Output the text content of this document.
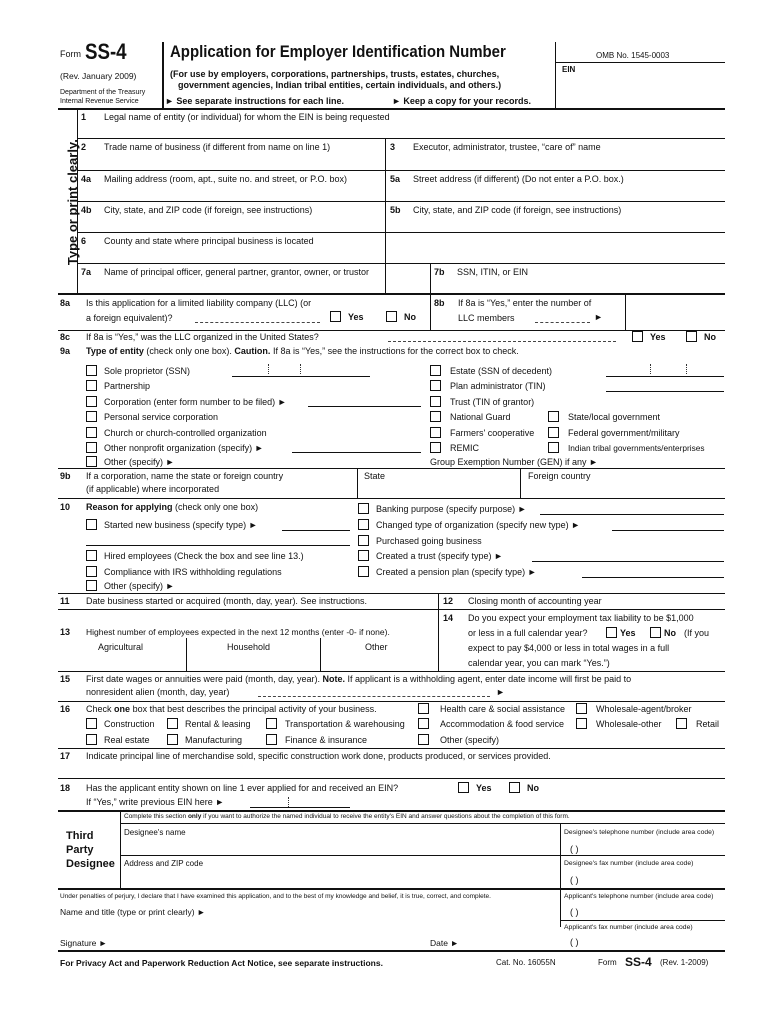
Form SS-4
(Rev. January 2009)
Department of the Treasury
Internal Revenue Service
Application for Employer Identification Number
(For use by employers, corporations, partnerships, trusts, estates, churches,
government agencies, Indian tribal entities, certain individuals, and others.)
► See separate instructions for each line.	► Keep a copy for your records.
OMB No. 1545-0003
EIN
Type or print clearly.
1 Legal name of entity (or individual) for whom the EIN is being requested
2 Trade name of business (if different from name on line 1)	3 Executor, administrator, trustee, “care of” name
4a Mailing address (room, apt., suite no. and street, or P.O. box)	5a Street address (if different) (Do not enter a P.O. box.)
4b City, state, and ZIP code (if foreign, see instructions)	5b City, state, and ZIP code (if foreign, see instructions)
6 County and state where principal business is located
7a Name of principal officer, general partner, grantor, owner, or trustor	7b SSN, ITIN, or EIN
8a Is this application for a limited liability company (LLC) (or
a foreign equivalent)?	Yes	No
8b If 8a is “Yes,” enter the number of
LLC members	►
8c If 8a is “Yes,” was the LLC organized in the United States?	Yes	No
9a Type of entity (check only one box). Caution. If 8a is “Yes,” see the instructions for the correct box to check.
Sole proprietor (SSN)
Partnership
Corporation (enter form number to be filed) ►
Personal service corporation
Church or church-controlled organization
Other nonprofit organization (specify) ►
Other (specify) ►
Estate (SSN of decedent)
Plan administrator (TIN)
Trust (TIN of grantor)
National Guard	State/local government
Farmers' cooperative	Federal government/military
REMIC	Indian tribal governments/enterprises
Group Exemption Number (GEN) if any ►
9b If a corporation, name the state or foreign country
(if applicable) where incorporated
State	Foreign country
10 Reason for applying (check only one box)
Started new business (specify type) ►
Hired employees (Check the box and see line 13.)
Compliance with IRS withholding regulations
Other (specify) ►
Banking purpose (specify purpose) ►
Changed type of organization (specify new type) ►
Purchased going business
Created a trust (specify type) ►
Created a pension plan (specify type) ►
11 Date business started or acquired (month, day, year). See instructions.	12 Closing month of accounting year
13 Highest number of employees expected in the next 12 months (enter -0- if none).
Agricultural	Household	Other
14 Do you expect your employment tax liability to be $1,000
or less in a full calendar year?	Yes	No (If you
expect to pay $4,000 or less in total wages in a full
calendar year, you can mark “Yes.”)
15 First date wages or annuities were paid (month, day, year). Note. If applicant is a withholding agent, enter date income will first be paid to
nonresident alien (month, day, year)	►
16 Check one box that best describes the principal activity of your business.	Health care & social assistance	Wholesale-agent/broker
Construction	Rental & leasing	Transportation & warehousing	Accommodation & food service	Wholesale-other	Retail
Real estate	Manufacturing	Finance & insurance	Other (specify)
17 Indicate principal line of merchandise sold, specific construction work done, products produced, or services provided.
18 Has the applicant entity shown on line 1 ever applied for and received an EIN?	Yes	No
If “Yes,” write previous EIN here ►
Complete this section only if you want to authorize the named individual to receive the entity's EIN and answer questions about the completion of this form.
Third
Party
Designee
Designee's name	Designee's telephone number (include area code)
( )
Address and ZIP code	Designee's fax number (include area code)
( )
Under penalties of perjury, I declare that I have examined this application, and to the best of my knowledge and belief, it is true, correct, and complete.	Applicant's telephone number (include area code)
Name and title (type or print clearly) ►	( )
Applicant's fax number (include area code)
Signature ►	Date ►	( )
For Privacy Act and Paperwork Reduction Act Notice, see separate instructions.	Cat. No. 16055N	Form SS-4 (Rev. 1-2009)
